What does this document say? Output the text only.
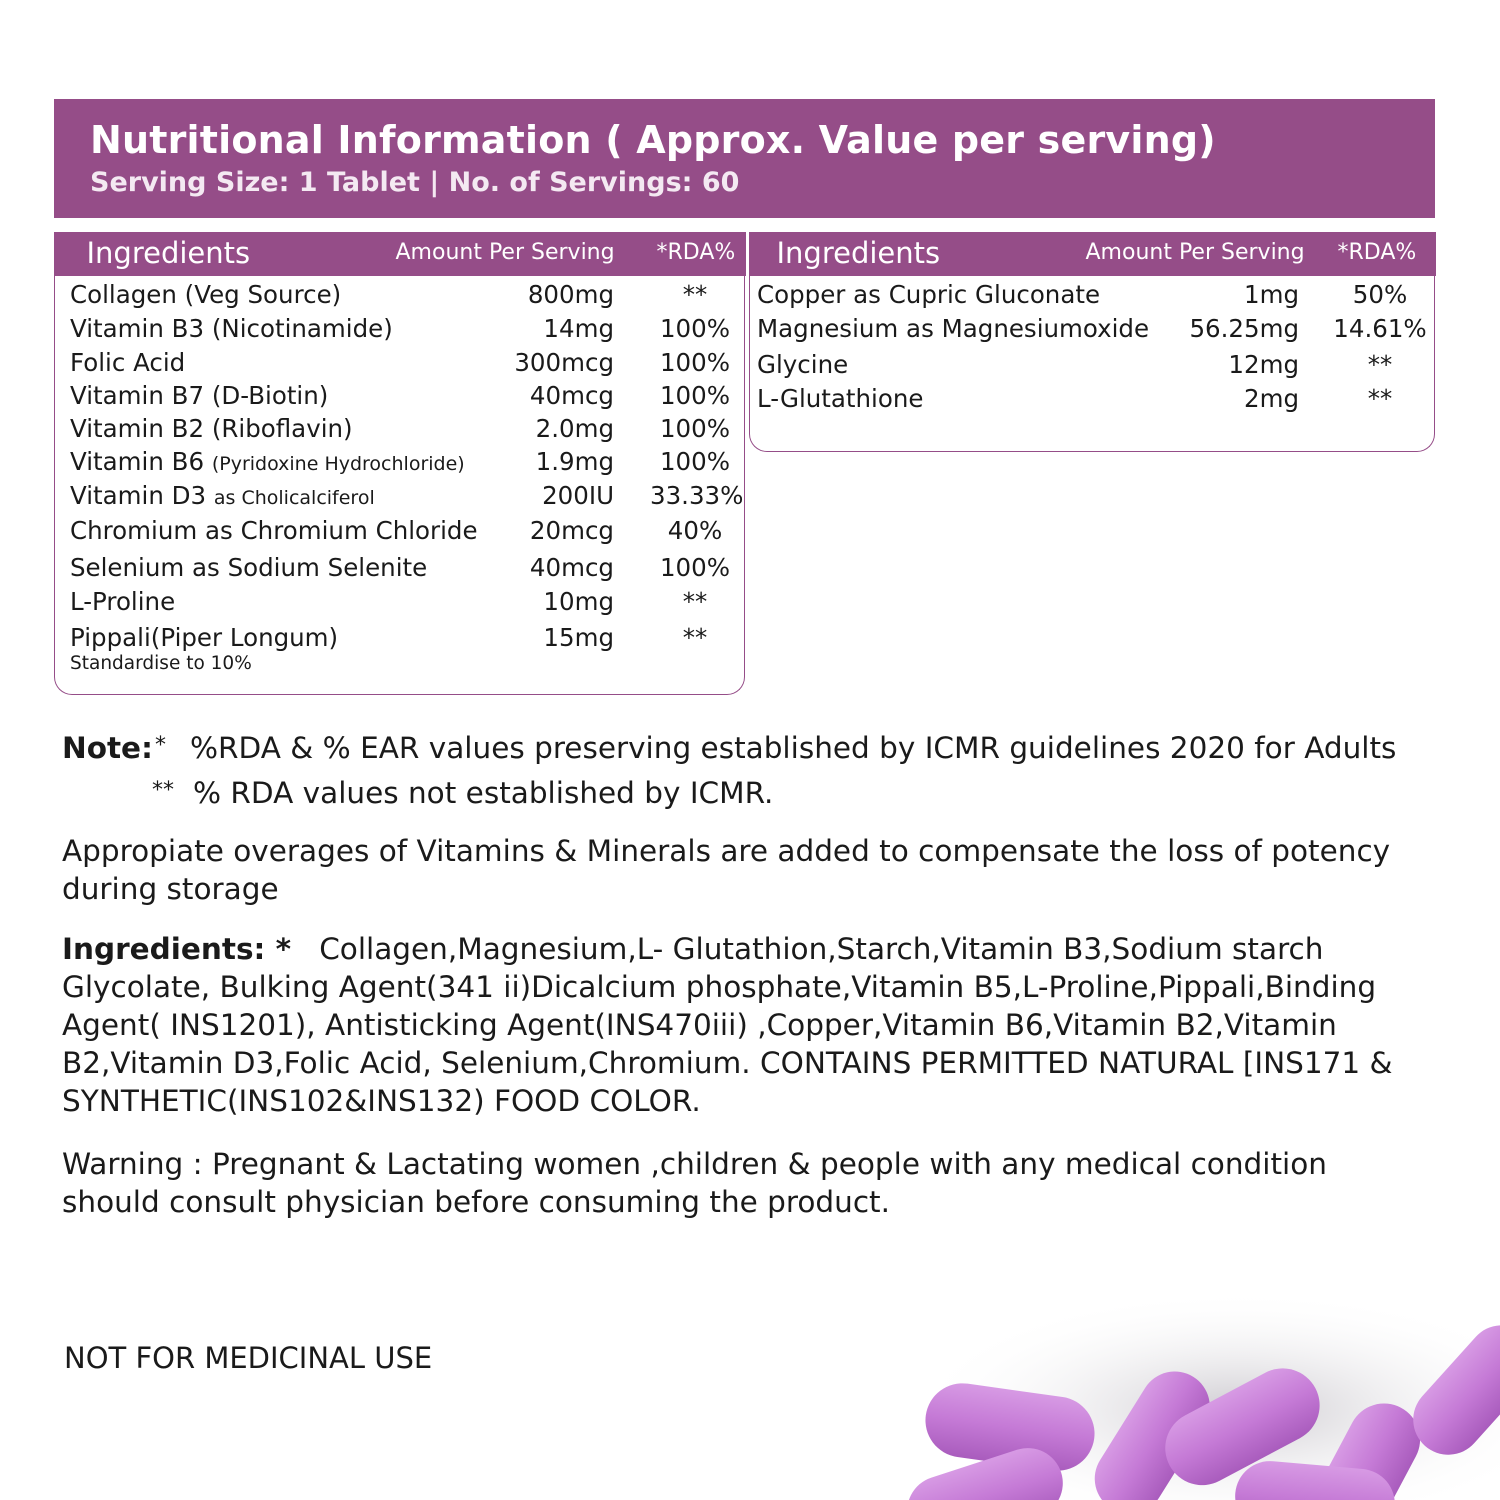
Nutritional Information ( Approx. Value per serving)
Serving Size: 1 Tablet | No. of Servings: 60
Ingredients	Amount Per Serving *RDA%
Collagen (Veg Source)	800mg	**
Vitamin B3 (Nicotinamide)	14mg	100%
Folic Acid	300mcg	100%
Vitamin B7 (D-Biotin)	40mcg	100%
Vitamin B2 (Riboflavin)	2.0mg	100%
Vitamin B6 (Pyridoxine Hydrochloride)	1.9mg	100%
Vitamin D3 as Cholicalciferol	200IU 33.33%
Chromium as Chromium Chloride 20mcg	40%
Selenium as Sodium Selenite	40mcg	100%
L-Proline	10mg	**
Pippali(Piper Longum)	15mg	**
Standardise to 10%
Ingredients	Amount Per Serving *RDA%
Copper as Cupric Gluconate	1mg	50%
Magnesium as Magnesiumoxide 56.25mg 14.61%
Glycine	12mg	**
L-Glutathione	2mg	**
Note: * %RDA & % EAR values preserving established by ICMR guidelines 2020 for Adults
** % RDA values not established by ICMR.
Appropiate overages of Vitamins & Minerals are added to compensate the loss of potency during storage
Ingredients: * Collagen,Magnesium,L- Glutathion,Starch,Vitamin B3,Sodium starch Glycolate, Bulking Agent(341 ii)Dicalcium phosphate,Vitamin B5,L-Proline,Pippali,Binding Agent( INS1201), Antisticking Agent(INS470iii) ,Copper,Vitamin B6,Vitamin B2,Vitamin B2,Vitamin D3,Folic Acid, Selenium,Chromium. CONTAINS PERMITTED NATURAL [INS171 & SYNTHETIC(INS102&INS132) FOOD COLOR.
Warning : Pregnant & Lactating women ,children & people with any medical condition should consult physician before consuming the product.
NOT FOR MEDICINAL USE
